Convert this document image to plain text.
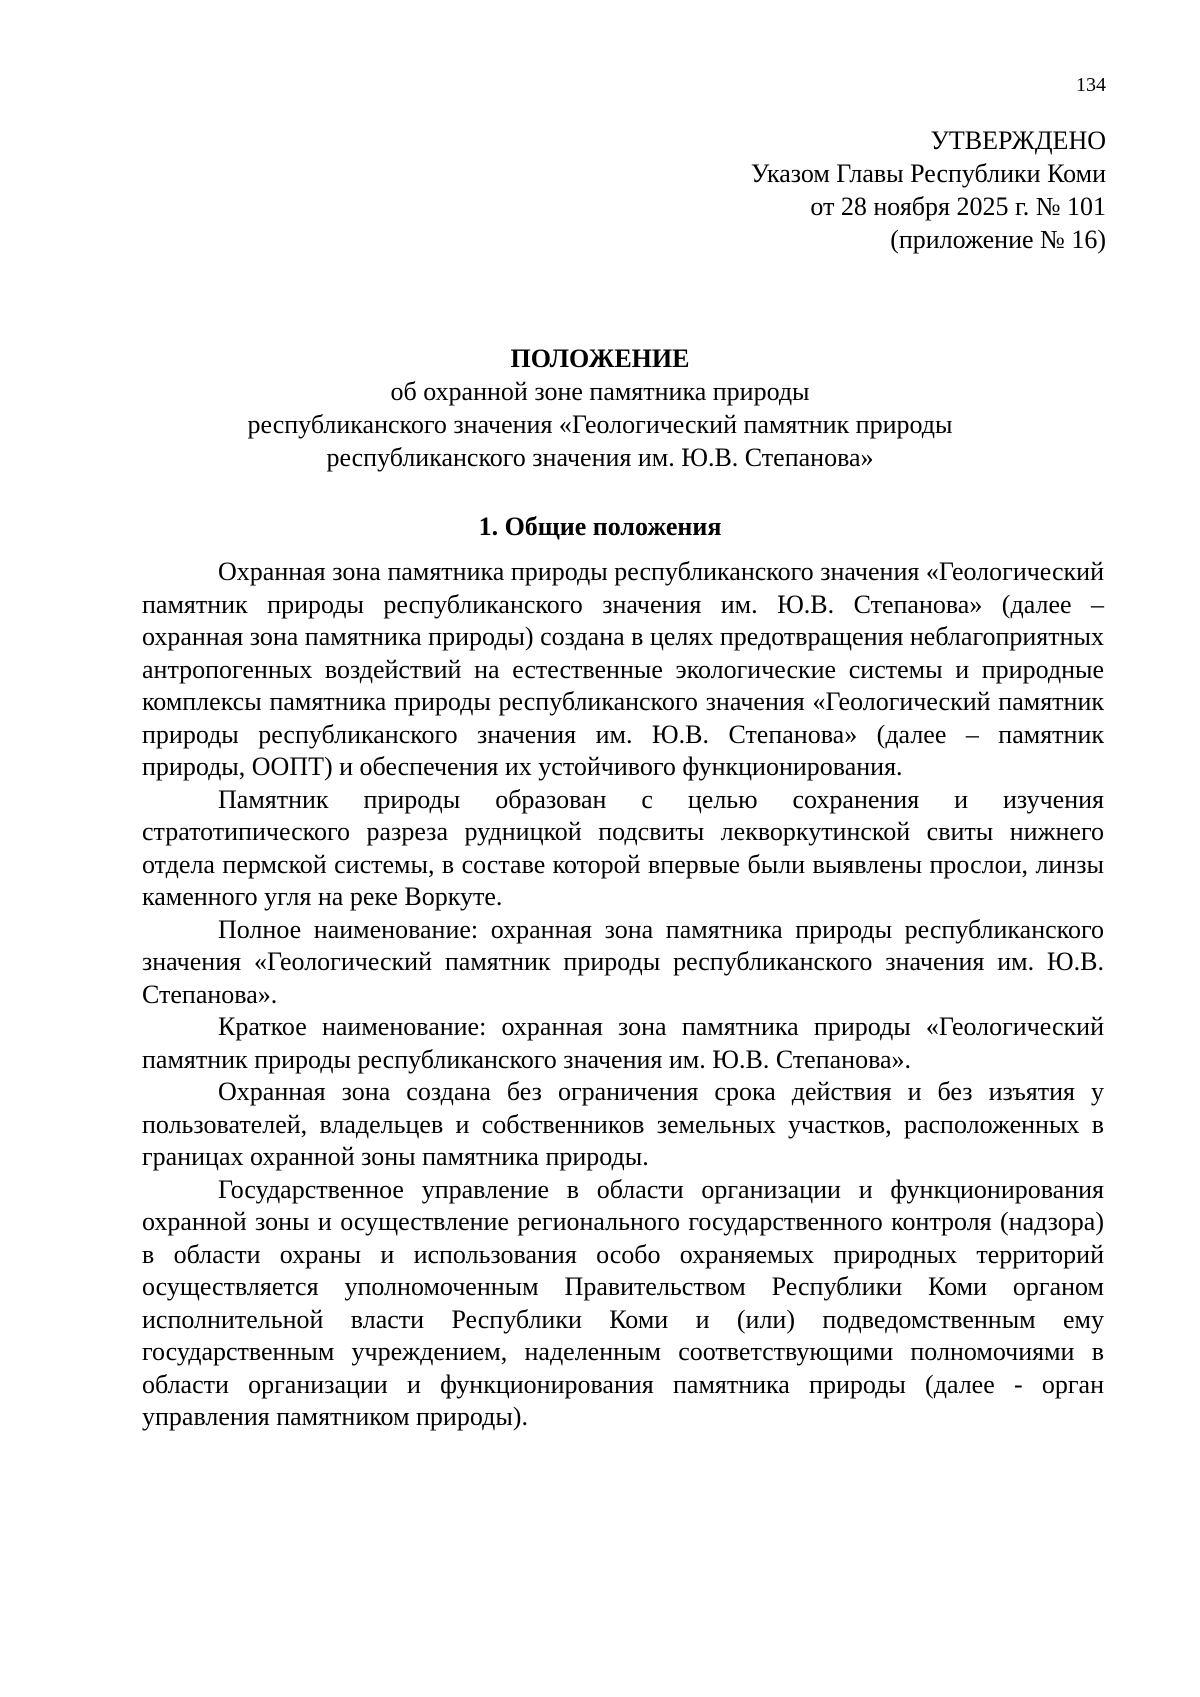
134
УТВЕРЖДЕНО
Указом Главы Республики Коми
от 28 ноября 2025 г. № 101
(приложение № 16)
ПОЛОЖЕНИЕ
об охранной зоне памятника природы
республиканского значения «Геологический памятник природы
республиканского значения им. Ю.В. Степанова»
1. Общие положения

Охранная зона памятника природы республиканского значения «Геологический памятник природы республиканского значения им. Ю.В. Степанова» (далее – охранная зона памятника природы) создана в целях предотвращения неблагоприятных антропогенных воздействий на естественные экологические системы и природные комплексы памятника природы республиканского значения «Геологический памятник природы республиканского значения им. Ю.В. Степанова» (далее – памятник природы, ООПТ) и обеспечения их устойчивого функционирования.

Памятник природы образован с целью сохранения и изучения стратотипического разреза рудницкой подсвиты лекворкутинской свиты нижнего отдела пермской системы, в составе которой впервые были выявлены прослои, линзы каменного угля на реке Воркуте.

Полное наименование: охранная зона памятника природы республиканского значения «Геологический памятник природы республиканского значения им. Ю.В. Степанова».

Краткое наименование: охранная зона памятника природы «Геологический памятник природы республиканского значения им. Ю.В. Степанова».

Охранная зона создана без ограничения срока действия и без изъятия у пользователей, владельцев и собственников земельных участков, расположенных в границах охранной зоны памятника природы.

Государственное управление в области организации и функционирования охранной зоны и осуществление регионального государственного контроля (надзора) в области охраны и использования особо охраняемых природных территорий осуществляется уполномоченным Правительством Республики Коми органом исполнительной власти Республики Коми и (или) подведомственным ему государственным учреждением, наделенным соответствующими полномочиями в области организации и функционирования памятника природы (далее - орган управления памятником природы).
